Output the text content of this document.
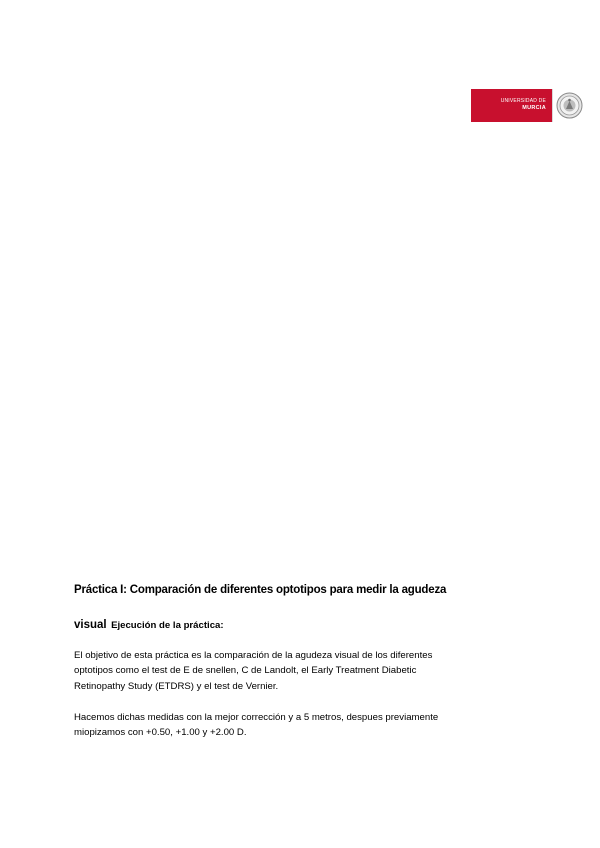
UNIVERSIDAD DE
MURCIA
Práctica I: Comparación de diferentes optotipos para medir la agudeza
visual Ejecución de la práctica:
El objetivo de esta práctica es la comparación de la agudeza visual de los diferentes
optotipos como el test de E de snellen, C de Landolt, el Early Treatment Diabetic
Retinopathy Study (ETDRS) y el test de Vernier.
Hacemos dichas medidas con la mejor corrección y a 5 metros, despues previamente
miopizamos con +0.50, +1.00 y +2.00 D.
